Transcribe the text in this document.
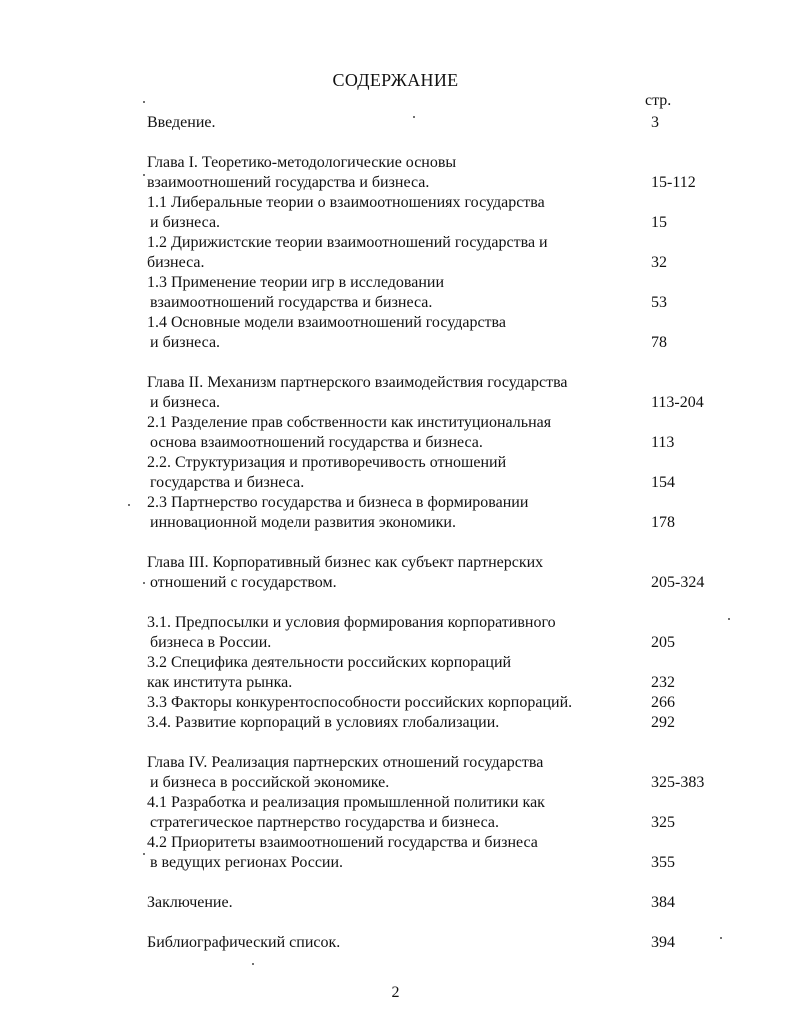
СОДЕРЖАНИЕ
стр.
Введение.	3
Глава I. Теоретико-методологические основы
взаимоотношений государства и бизнеса.	15-112
1.1 Либеральные теории о взаимоотношениях государства
и бизнеса.	15
1.2 Дирижистские теории взаимоотношений государства и
бизнеса.	32
1.3 Применение теории игр в исследовании
взаимоотношений государства и бизнеса.	53
1.4 Основные модели взаимоотношений государства
и бизнеса.	78
Глава II. Механизм партнерского взаимодействия государства
и бизнеса.	113-204
2.1 Разделение прав собственности как институциональная
основа взаимоотношений государства и бизнеса.	113
2.2. Структуризация и противоречивость отношений
государства и бизнеса.	154
2.3 Партнерство государства и бизнеса в формировании
инновационной модели развития экономики.	178
Глава III. Корпоративный бизнес как субъект партнерских
отношений с государством.	205-324
3.1. Предпосылки и условия формирования корпоративного
бизнеса в России.	205
3.2 Специфика деятельности российских корпораций
как института рынка.	232
3.3 Факторы конкурентоспособности российских корпораций.	266
3.4. Развитие корпораций в условиях глобализации.	292
Глава IV. Реализация партнерских отношений государства
и бизнеса в российской экономике.	325-383
4.1 Разработка и реализация промышленной политики как
стратегическое партнерство государства и бизнеса.	325
4.2 Приоритеты взаимоотношений государства и бизнеса
в ведущих регионах России.	355
Заключение.	384
Библиографический список.	394
2
